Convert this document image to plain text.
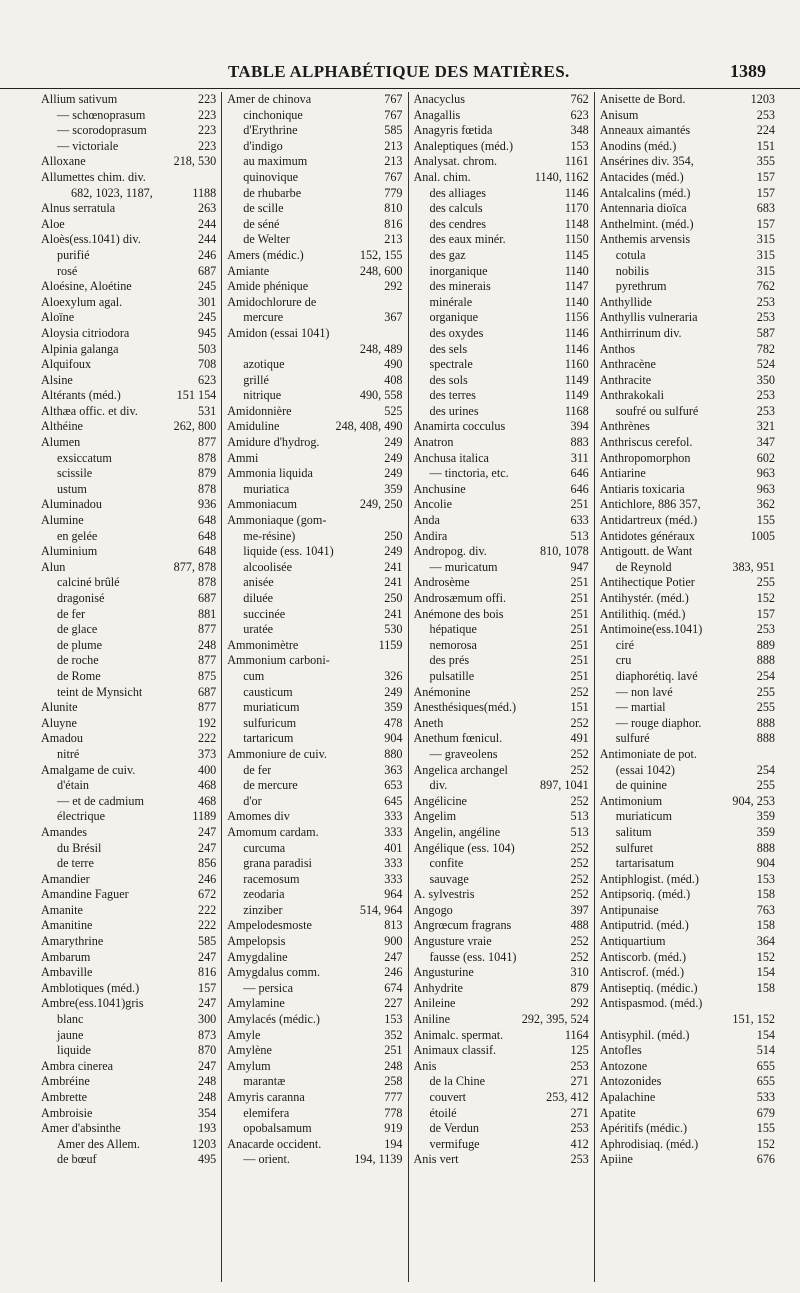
TABLE ALPHABÉTIQUE DES MATIÈRES.	1389
Allium sativum	223
— schœnoprasum	223
— scorodoprasum	223
— victoriale	223
Alloxane	218, 530
Allumettes chim. div.
682, 1023, 1187,	1188
Alnus serratula	263
Aloe	244
Aloès(ess.1041) div.	244
purifié	246
rosé	687
Aloésine, Aloétine	245
Aloexylum agal.	301
Aloïne	245
Aloysia citriodora	945
Alpinia galanga	503
Alquifoux	708
Alsine	623
Altérants (méd.)	151 154
Althæa offic. et div.	531
Althéine	262, 800
Alumen	877
exsiccatum	878
scissile	879
ustum	878
Aluminadou	936
Alumine	648
en gelée	648
Aluminium	648
Alun	877, 878
calciné brûlé	878
dragonisé	687
de fer	881
de glace	877
de plume	248
de roche	877
de Rome	875
teint de Mynsicht	687
Alunite	877
Aluyne	192
Amadou	222
nitré	373
Amalgame de cuiv.	400
d'étain	468
— et de cadmium	468
électrique	1189
Amandes	247
du Brésil	247
de terre	856
Amandier	246
Amandine Faguer	672
Amanite	222
Amanitine	222
Amarythrine	585
Ambarum	247
Ambaville	816
Amblotiques (méd.)	157
Ambre(ess.1041)gris	247
blanc	300
jaune	873
liquide	870
Ambra cinerea	247
Ambréine	248
Ambrette	248
Ambroisie	354
Amer d'absinthe	193
Amer des Allem.	1203
de bœuf	495
Amer de chinova	767
cinchonique	767
d'Erythrine	585
d'indigo	213
au maximum	213
quinovique	767
de rhubarbe	779
de scille	810
de séné	816
de Welter	213
Amers (médic.)	152, 155
Amiante	248, 600
Amide phénique	292
Amidochlorure de
mercure	367
Amidon (essai 1041)
248, 489
azotique	490
grillé	408
nitrique	490, 558
Amidonnière	525
Amiduline	248, 408, 490
Amidure d'hydrog.	249
Ammi	249
Ammonia liquida	249
muriatica	359
Ammoniacum	249, 250
Ammoniaque (gom-
me-résine)	250
liquide (ess. 1041)	249
alcoolisée	241
anisée	241
diluée	250
succinée	241
uratée	530
Ammonimètre	1159
Ammonium carboni-
cum	326
causticum	249
muriaticum	359
sulfuricum	478
tartaricum	904
Ammoniure de cuiv.	880
de fer	363
de mercure	653
d'or	645
Amomes div	333
Amomum cardam.	333
curcuma	401
grana paradisi	333
racemosum	333
zeodaria	964
zinziber	514, 964
Ampelodesmoste	813
Ampelopsis	900
Amygdaline	247
Amygdalus comm.	246
— persica	674
Amylamine	227
Amylacés (médic.)	153
Amyle	352
Amylène	251
Amylum	248
marantæ	258
Amyris caranna	777
elemifera	778
opobalsamum	919
Anacarde occident.	194
— orient.	194, 1139
Anacyclus	762
Anagallis	623
Anagyris fœtida	348
Analeptiques (méd.)	153
Analysat. chrom.	1161
Anal. chim.	1140, 1162
des alliages	1146
des calculs	1170
des cendres	1148
des eaux minér.	1150
des gaz	1145
inorganique	1140
des minerais	1147
minérale	1140
organique	1156
des oxydes	1146
des sels	1146
spectrale	1160
des sols	1149
des terres	1149
des urines	1168
Anamirta cocculus	394
Anatron	883
Anchusa italica	311
— tinctoria, etc.	646
Anchusine	646
Ancolie	251
Anda	633
Andira	513
Andropog. div.	810, 1078
— muricatum	947
Androsème	251
Androsæmum offi.	251
Anémone des bois	251
hépatique	251
nemorosa	251
des prés	251
pulsatille	251
Anémonine	252
Anesthésiques(méd.)	151
Aneth	252
Anethum fœnicul.	491
— graveolens	252
Angelica archangel	252
div.	897, 1041
Angélicine	252
Angelim	513
Angelin, angéline	513
Angélique (ess. 104)	252
confite	252
sauvage	252
A. sylvestris	252
Angogo	397
Angrœcum fragrans	488
Angusture vraie	252
fausse (ess. 1041)	252
Angusturine	310
Anhydrite	879
Anileine	292
Aniline	292, 395, 524
Animalc. spermat.	1164
Animaux classif.	125
Anis	253
de la Chine	271
couvert	253, 412
étoilé	271
de Verdun	253
vermifuge	412
Anis vert	253
Anisette de Bord.	1203
Anisum	253
Anneaux aimantés	224
Anodins (méd.)	151
Ansérines div. 354,	355
Antacides (méd.)	157
Antalcalins (méd.)	157
Antennaria dioïca	683
Anthelmint. (méd.)	157
Anthemis arvensis	315
cotula	315
nobilis	315
pyrethrum	762
Anthyllide	253
Anthyllis vulneraria	253
Anthirrinum div.	587
Anthos	782
Anthracène	524
Anthracite	350
Anthrakokali	253
soufré ou sulfuré	253
Anthrènes	321
Anthriscus cerefol.	347
Anthropomorphon	602
Antiarine	963
Antiaris toxicaria	963
Antichlore, 886 357,	362
Antidartreux (méd.)	155
Antidotes généraux	1005
Antigoutt. de Want
de Reynold	383, 951
Antihectique Potier	255
Antihystér. (méd.)	152
Antilithiq. (méd.)	157
Antimoine(ess.1041)	253
ciré	889
cru	888
diaphorétiq. lavé	254
— non lavé	255
— martial	255
— rouge diaphor.	888
sulfuré	888
Antimoniate de pot.
(essai 1042)	254
de quinine	255
Antimonium	904, 253
muriaticum	359
salitum	359
sulfuret	888
tartarisatum	904
Antiphlogist. (méd.)	153
Antipsoriq. (méd.)	158
Antipunaise	763
Antiputrid. (méd.)	158
Antiquartium	364
Antiscorb. (méd.)	152
Antiscrof. (méd.)	154
Antiseptiq. (médic.)	158
Antispasmod. (méd.)
151, 152
Antisyphil. (méd.)	154
Antofles	514
Antozone	655
Antozonides	655
Apalachine	533
Apatite	679
Apéritifs (médic.)	155
Aphrodisiaq. (méd.)	152
Apiine	676
